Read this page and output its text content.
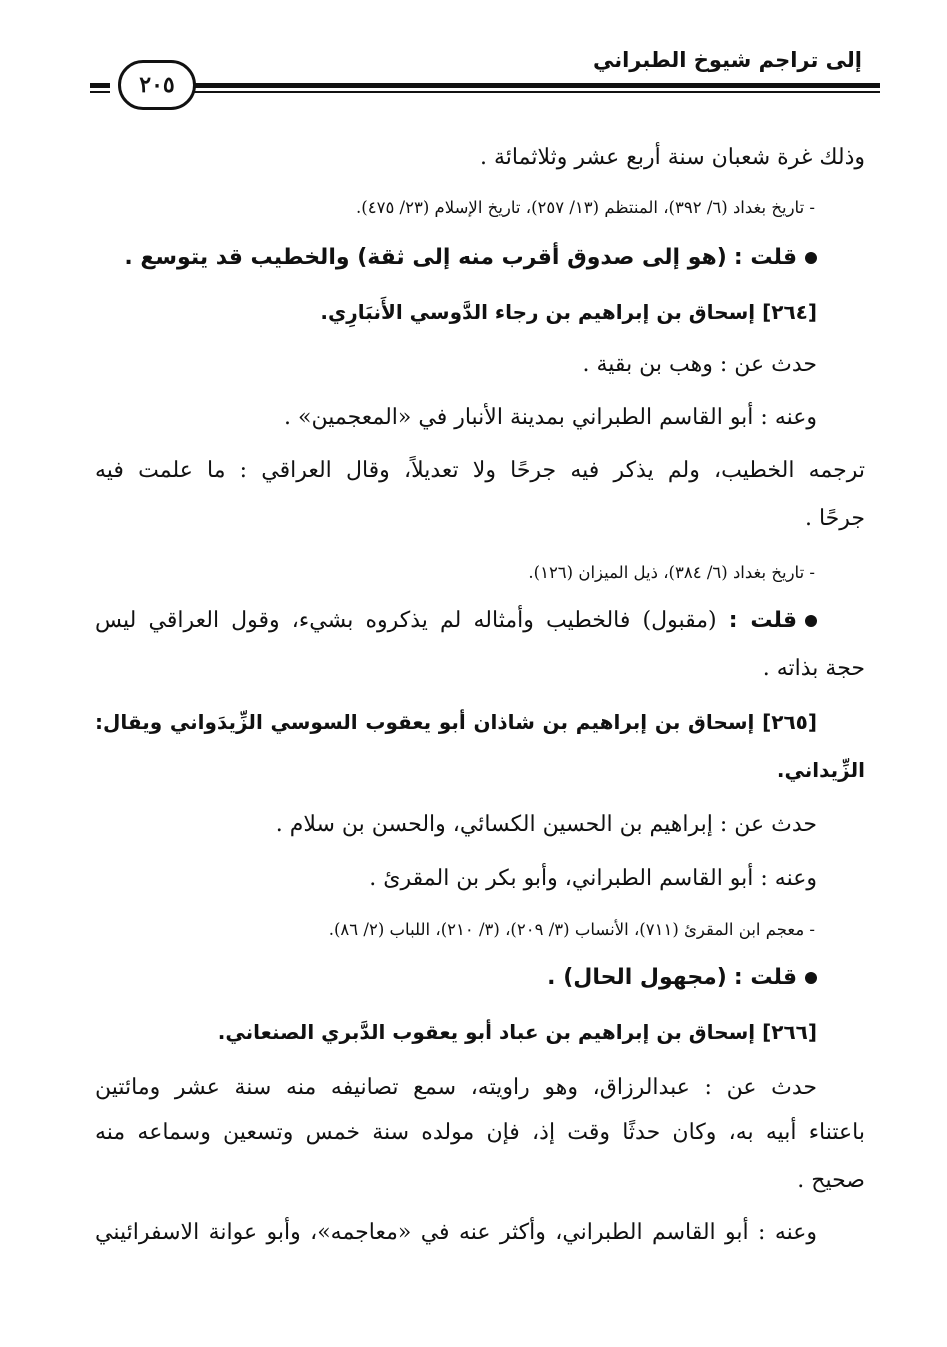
إلى تراجم شيوخ الطبراني
٢٠٥
وذلك غرة شعبان سنة أربع عشر وثلاثمائة .
- تاريخ بغداد (٦/ ٣٩٢)، المنتظم (١٣/ ٢٥٧)، تاريخ الإسلام (٢٣/ ٤٧٥).
قلت : (هو إلى صدوق أقرب منه إلى ثقة) والخطيب قد يتوسع .
[٢٦٤] إسحاق بن إبراهيم بن رجاء الدَّوسي الأَنبَارِي.
حدث عن : وهب بن بقية .
وعنه : أبو القاسم الطبراني بمدينة الأنبار في «المعجمين» .
ترجمه الخطيب، ولم يذكر فيه جرحًا ولا تعديلاً، وقال العراقي : ما علمت فيه
جرحًا .
- تاريخ بغداد (٦/ ٣٨٤)، ذيل الميزان (١٢٦).
قلت : (مقبول) فالخطيب وأمثاله لم يذكروه بشيء، وقول العراقي ليس
حجة بذاته .
[٢٦٥] إسحاق بن إبراهيم بن شاذان أبو يعقوب السوسي الزِّيدَواني ويقال:
الزِّيداني.
حدث عن : إبراهيم بن الحسين الكسائي، والحسن بن سلام .
وعنه : أبو القاسم الطبراني، وأبو بكر بن المقرئ .
- معجم ابن المقرئ (٧١١)، الأنساب (٣/ ٢٠٩)، (٣/ ٢١٠)، اللباب (٢/ ٨٦).
قلت : (مجهول الحال) .
[٢٦٦] إسحاق بن إبراهيم بن عباد أبو يعقوب الدَّبري الصنعاني.
حدث عن : عبدالرزاق، وهو راويته، سمع تصانيفه منه سنة عشر ومائتين
باعتناء أبيه به، وكان حدثًا وقت إذ، فإن مولده سنة خمس وتسعين وسماعه منه
صحيح .
وعنه : أبو القاسم الطبراني، وأكثر عنه في «معاجمه»، وأبو عوانة الاسفرائيني
